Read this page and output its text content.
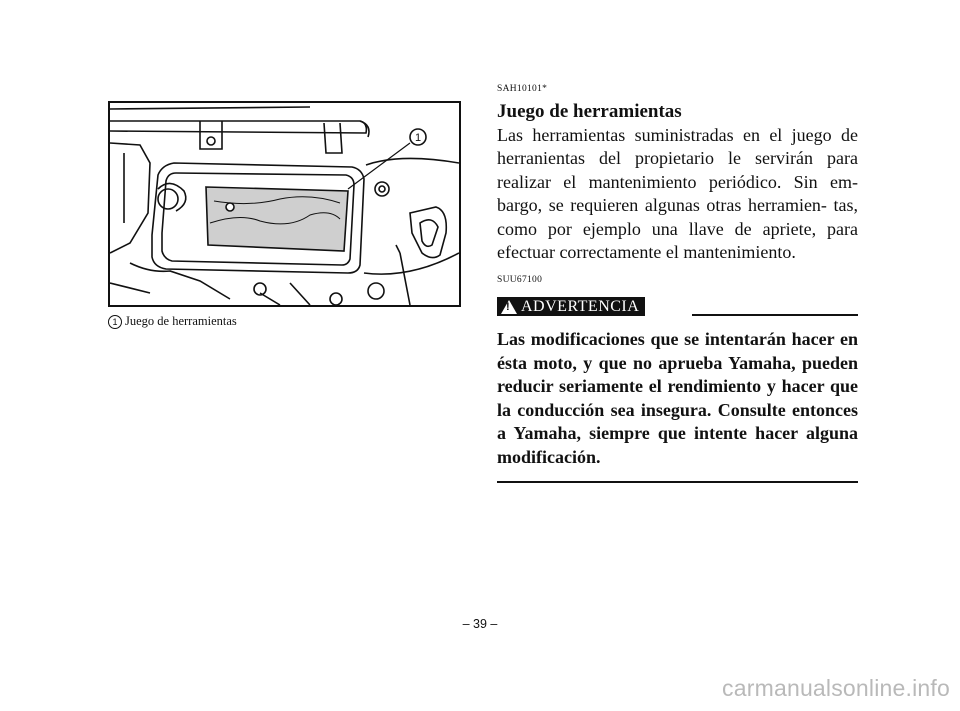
1
1 Juego de herramientas
SAH10101*
Juego de herramientas

Las herramientas suministradas en el juego de herranientas del propietario le servirán para realizar el mantenimiento periódico. Sin em- bargo, se requieren algunas otras herramien- tas, como por ejemplo una llave de apriete, para efectuar correctamente el mantenimiento.

SUU67100
!
ADVERTENCIA

Las modificaciones que se intentarán hacer en ésta moto, y que no aprueba Yamaha, pueden reducir seriamente el rendimiento y hacer que la conducción sea insegura. Consulte entonces a Yamaha, siempre que intente hacer alguna modificación.

– 39 –
carmanualsonline.info
